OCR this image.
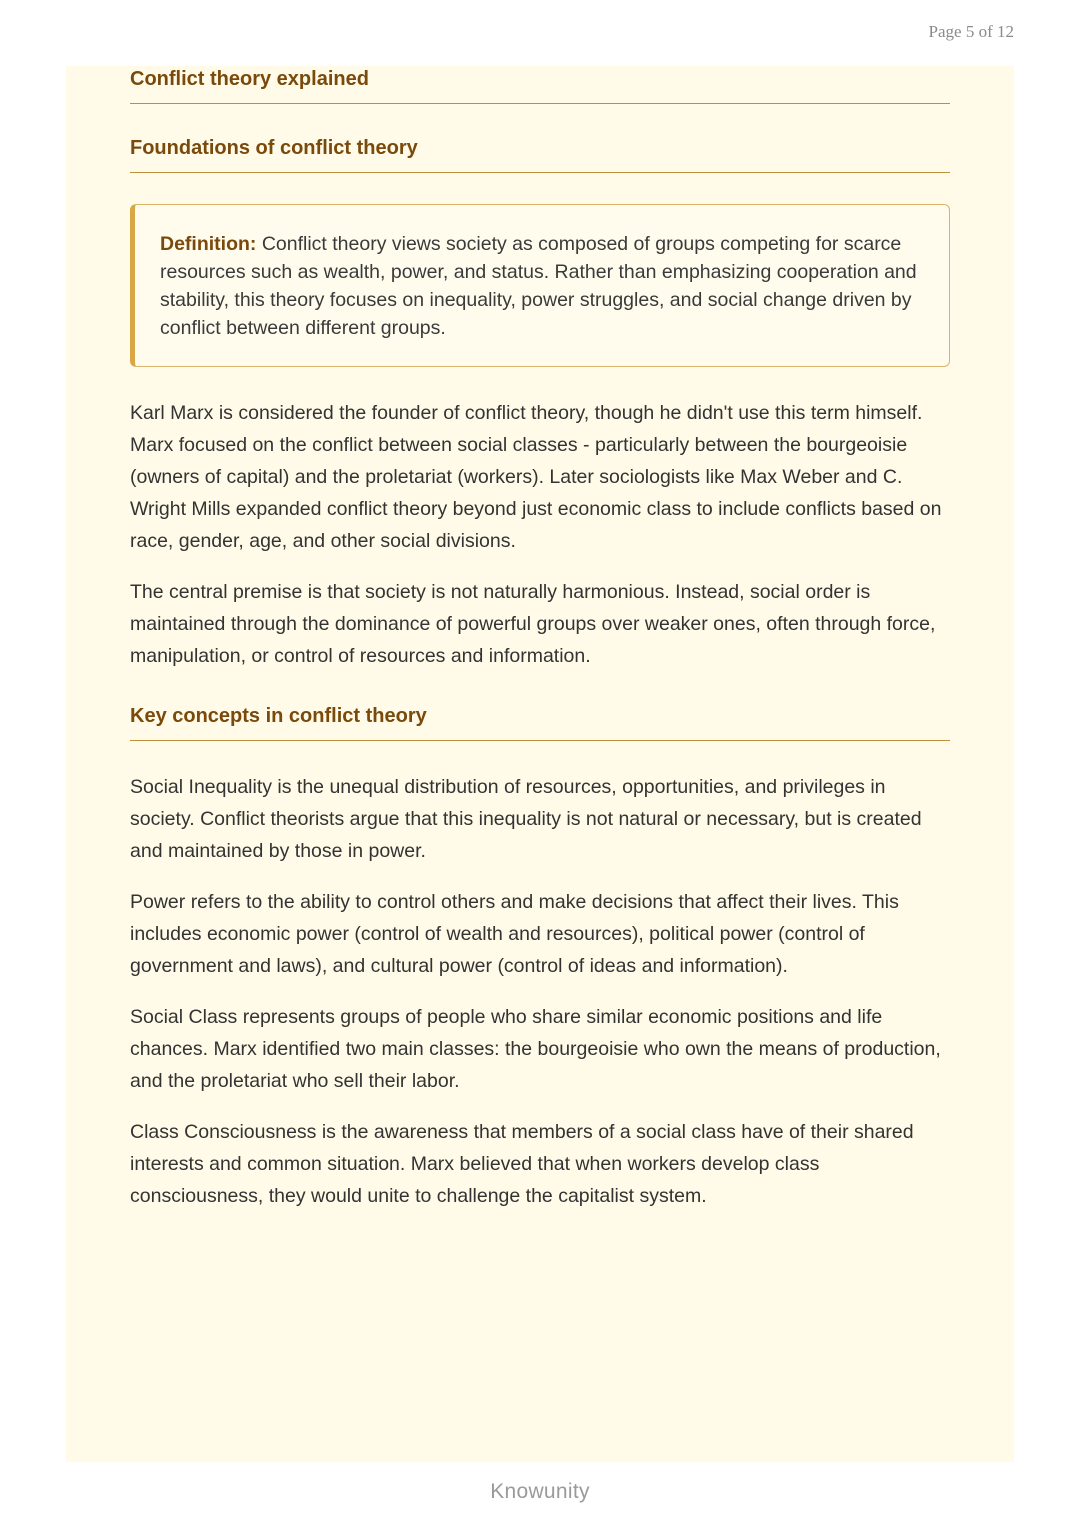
Page 5 of 12
Conflict theory explained
Foundations of conflict theory
Definition: Conflict theory views society as composed of groups competing for scarce resources such as wealth, power, and status. Rather than emphasizing cooperation and stability, this theory focuses on inequality, power struggles, and social change driven by conflict between different groups.

Karl Marx is considered the founder of conflict theory, though he didn't use this term himself. Marx focused on the conflict between social classes - particularly between the bourgeoisie (owners of capital) and the proletariat (workers). Later sociologists like Max Weber and C. Wright Mills expanded conflict theory beyond just economic class to include conflicts based on race, gender, age, and other social divisions.

The central premise is that society is not naturally harmonious. Instead, social order is maintained through the dominance of powerful groups over weaker ones, often through force, manipulation, or control of resources and information.

Key concepts in conflict theory

Social Inequality is the unequal distribution of resources, opportunities, and privileges in society. Conflict theorists argue that this inequality is not natural or necessary, but is created and maintained by those in power.

Power refers to the ability to control others and make decisions that affect their lives. This includes economic power (control of wealth and resources), political power (control of government and laws), and cultural power (control of ideas and information).

Social Class represents groups of people who share similar economic positions and life chances. Marx identified two main classes: the bourgeoisie who own the means of production, and the proletariat who sell their labor.

Class Consciousness is the awareness that members of a social class have of their shared interests and common situation. Marx believed that when workers develop class consciousness, they would unite to challenge the capitalist system.

Knowunity
